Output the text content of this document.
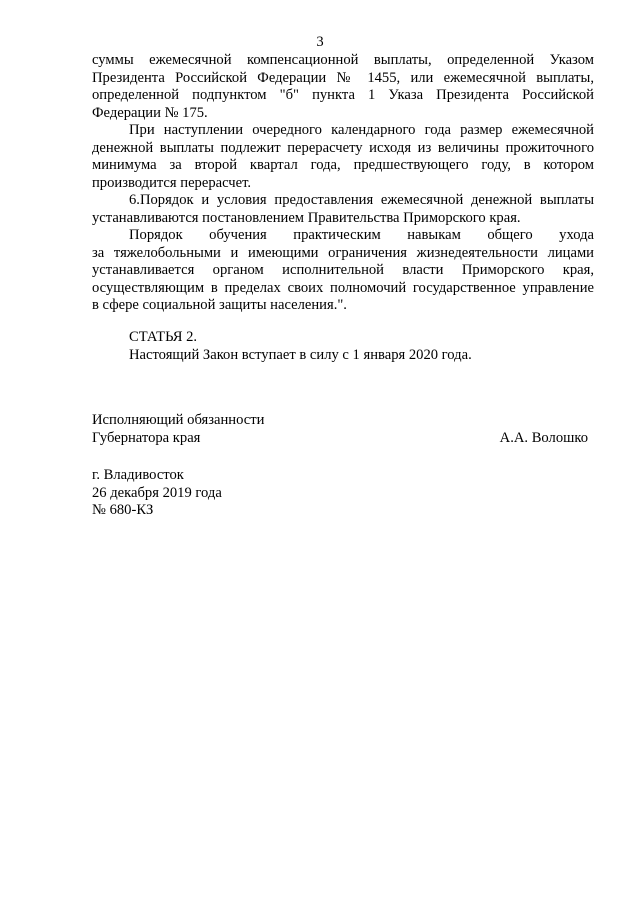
3

суммы ежемесячной компенсационной выплаты, определенной Указом
Президента Российской Федерации № 1455, или ежемесячной выплаты,
определенной подпунктом "б" пункта 1 Указа Президента Российской
Федерации № 175.

При наступлении очередного календарного года размер ежемесячной
денежной выплаты подлежит перерасчету исходя из величины прожиточного
минимума за второй квартал года, предшествующего году, в котором
производится перерасчет.

6.Порядок и условия предоставления ежемесячной денежной выплаты
устанавливаются постановлением Правительства Приморского края.

Порядок обучения практическим навыкам общего ухода
за тяжелобольными и имеющими ограничения жизнедеятельности лицами
устанавливается органом исполнительной власти Приморского края,
осуществляющим в пределах своих полномочий государственное управление
в сфере социальной защиты населения.".

СТАТЬЯ 2.
Настоящий Закон вступает в силу с 1 января 2020 года.
Исполняющий обязанности
Губернатора края	А.А. Волошко
г. Владивосток
26 декабря 2019 года
№ 680-КЗ
